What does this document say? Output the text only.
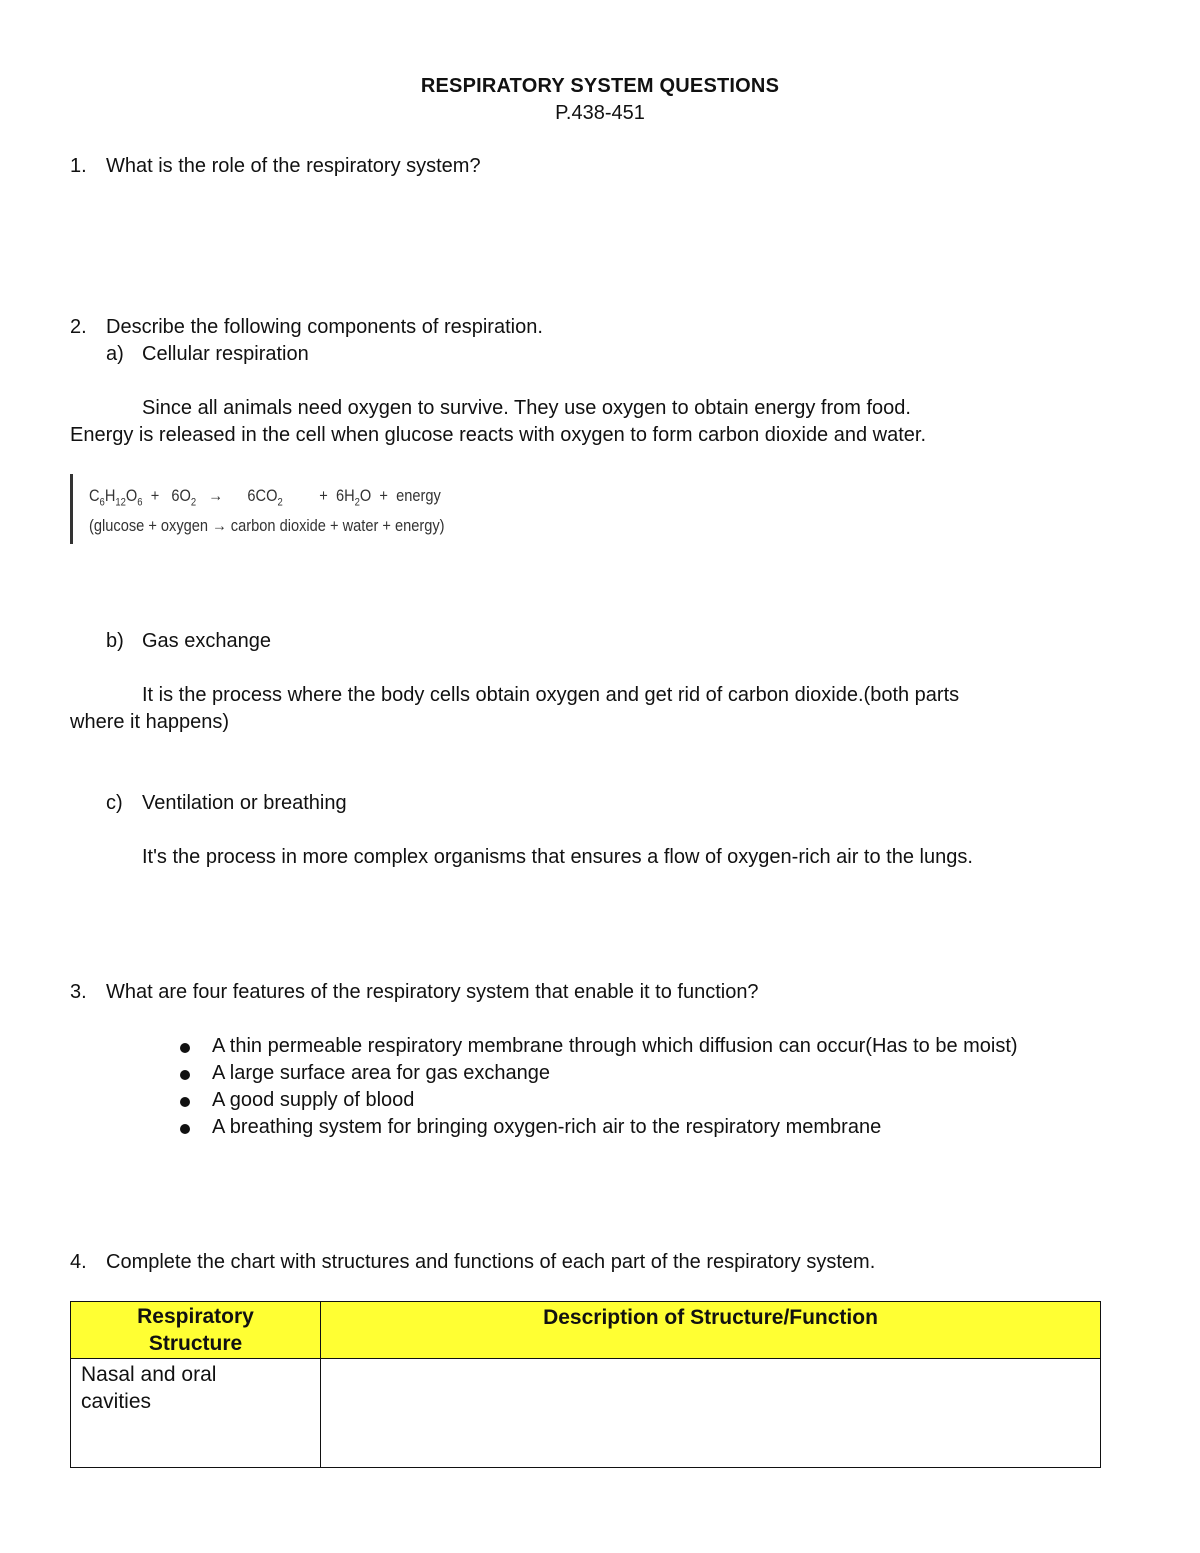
RESPIRATORY SYSTEM QUESTIONS
P.438-451
1. What is the role of the respiratory system?
2. Describe the following components of respiration.
a) Cellular respiration
Since all animals need oxygen to survive. They use oxygen to obtain energy from food.
Energy is released in the cell when glucose reacts with oxygen to form carbon dioxide and water.
$C_6H_{12}O_6 + 6O_2$   →      $6CO_2$         +  $6H_2O$  +  energy
(glucose + oxygen → carbon dioxide + water + energy)
b) Gas exchange
It is the process where the body cells obtain oxygen and get rid of carbon dioxide.(both parts
where it happens)
c) Ventilation or breathing
It's the process in more complex organisms that ensures a flow of oxygen-rich air to the lungs.
3. What are four features of the respiratory system that enable it to function?
A thin permeable respiratory membrane through which diffusion can occur(Has to be moist)
A large surface area for gas exchange
A good supply of blood
A breathing system for bringing oxygen-rich air to the respiratory membrane
4. Complete the chart with structures and functions of each part of the respiratory system.
Respiratory Structure	Description of Structure/Function
Nasal and oral cavities	
